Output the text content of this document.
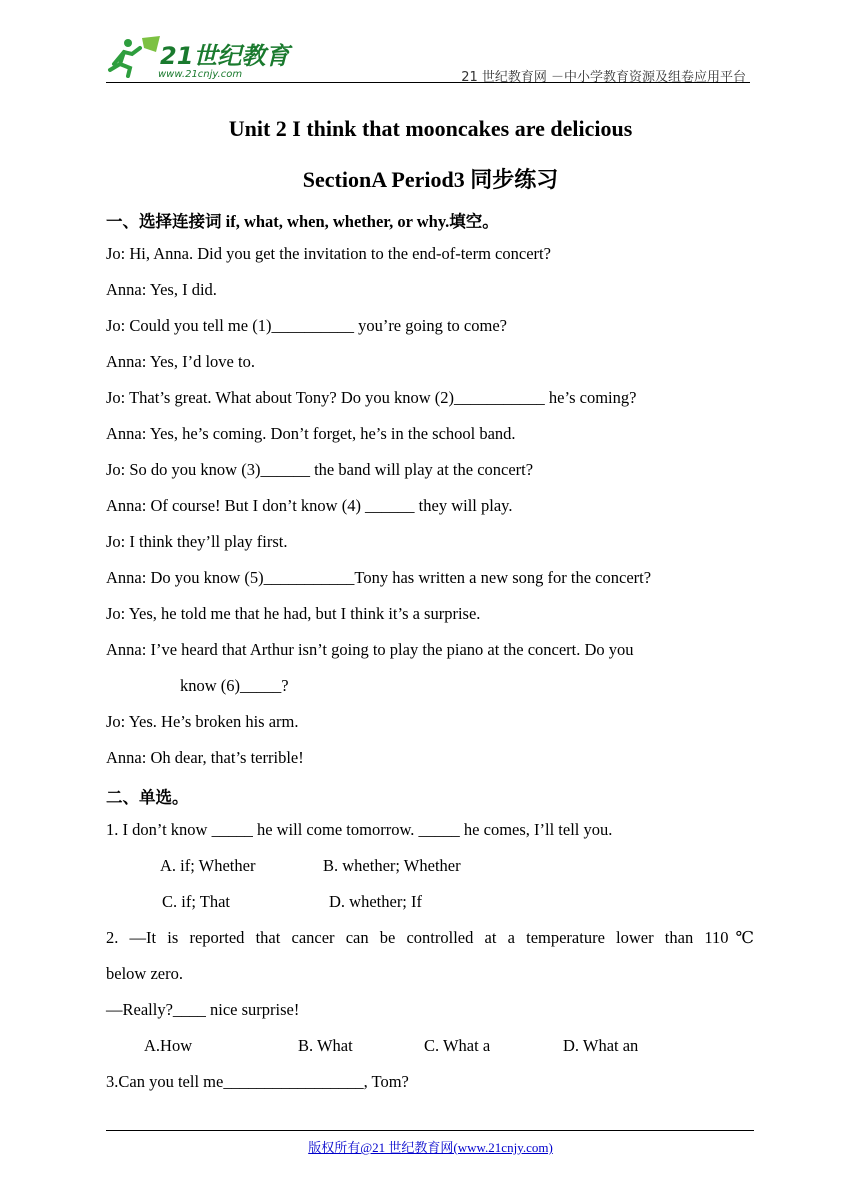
21世纪教育
www.21cnjy.com	21 世纪教育网 －中小学教育资源及组卷应用平台
Unit 2 I think that mooncakes are delicious
SectionA Period3 同步练习
一、选择连接词 if, what, when, whether, or why.填空。
Jo: Hi, Anna. Did you get the invitation to the end-of-term concert?
Anna: Yes, I did.
Jo: Could you tell me (1)__________ you’re going to come?
Anna: Yes, I’d love to.
Jo: That’s great. What about Tony? Do you know (2)___________ he’s coming?
Anna: Yes, he’s coming. Don’t forget, he’s in the school band.
Jo: So do you know (3)______ the band will play at the concert?
Anna: Of course! But I don’t know (4) ______ they will play.
Jo: I think they’ll play first.
Anna: Do you know (5)___________Tony has written a new song for the concert?
Jo: Yes, he told me that he had, but I think it’s a surprise.
Anna: I’ve heard that Arthur isn’t going to play the piano at the concert. Do you
know (6)_____?
Jo: Yes. He’s broken his arm.
Anna: Oh dear, that’s terrible!
二、单选。
1. I don’t know _____ he will come tomorrow. _____ he comes, I’ll tell you.
A. if; Whether	B. whether; Whether
C. if; That	D. whether; If
2. —It is reported that cancer can be controlled at a temperature lower than 110℃
below zero.
—Really?____ nice surprise!
A.How	B. What	C. What a	D. What an
3.Can you tell me_________________, Tom?
版权所有@21 世纪教育网(www.21cnjy.com)
